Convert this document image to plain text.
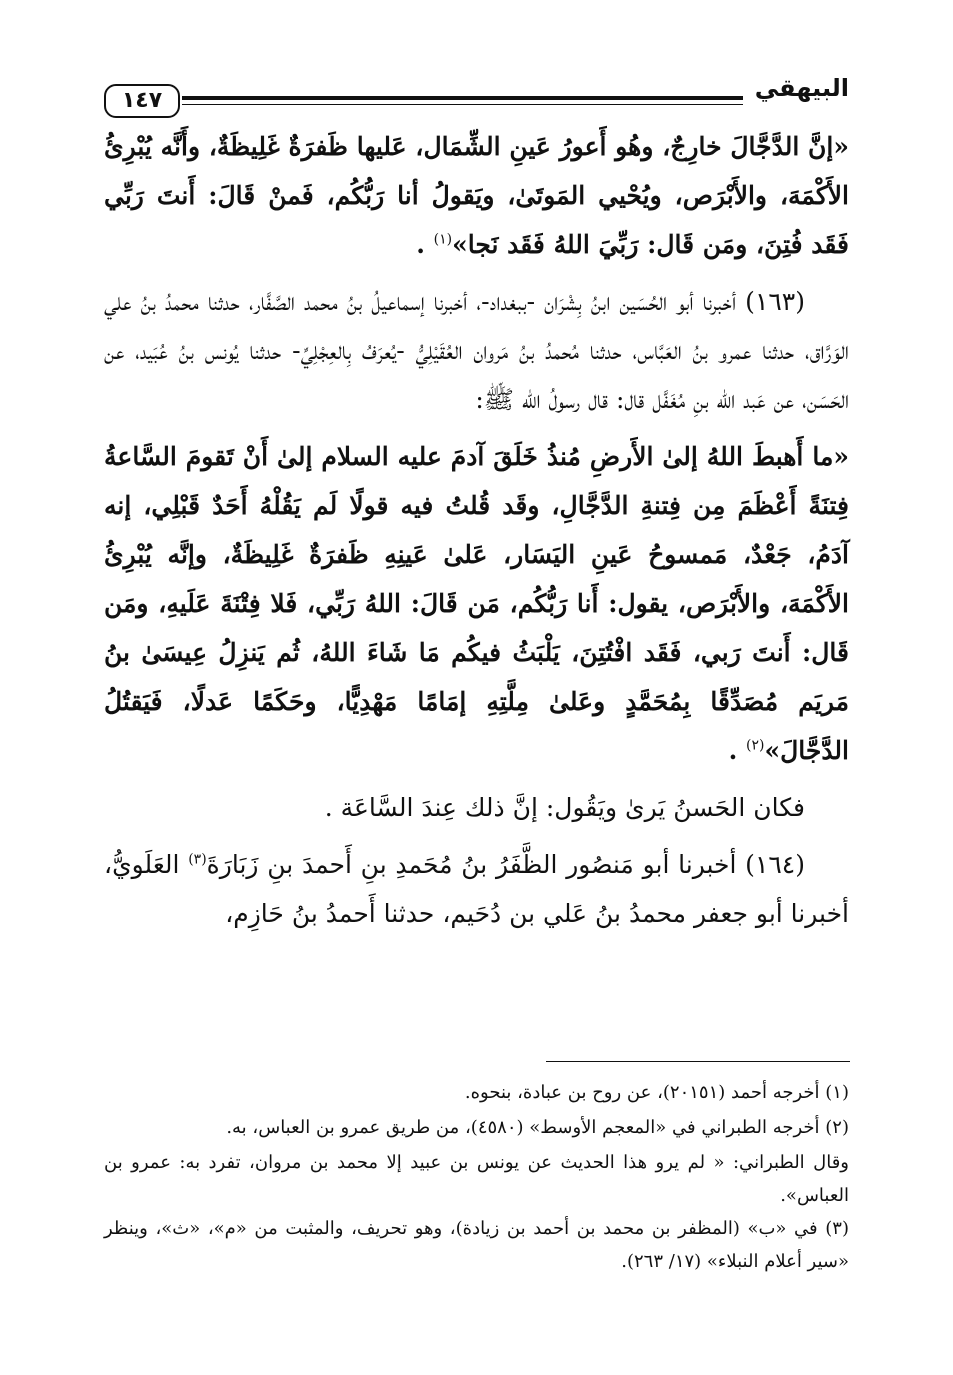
١٤٧	البيهقي

«إنَّ الدَّجَّالَ خارِجٌ، وهُو أَعورُ عَينِ الشِّمَال، عَليها ظَفرَةٌ غَلِيظَةٌ، وأَنَّه يُبْرِئُ الأَكْمَهَ، والأَبْرَص، ويُحْيي المَوتَىٰ، ويَقولُ أنا رَبُّكُم، فَمنْ قَالَ: أَنتَ رَبِّي فَقَد فُتِنَ، ومَن قَال: رَبِّيَ اللهُ فَقَد نَجا»$^{(١)}$ .

(١٦٣) أخبرنا أبو الحُسَين ابنُ بِشْرَان -ببغداد-، أخبرنا إسماعيلُ بنُ محمد الصَّفَّار، حدثنا محمدُ بنُ علي الوَرَّاق، حدثنا عمرو بنُ العَبَّاس، حدثنا مُحمدُ بنُ مَروان العُقَيْلِيُّ -يُعرَفُ بِالعِجْلِيِّ- حدثنا يُونس بنُ عُبَيد، عن الحَسَن، عن عَبد الله بنِ مُغَفَّل قال: قال رسولُ الله ﷺ:

«ما أَهبطَ اللهُ إلىٰ الأَرضِ مُنذُ خَلَقَ آدمَ عليه السلام إلىٰ أَنْ تَقومَ السَّاعةُ فِتنَةً أَعْظَمَ مِن فِتنةِ الدَّجَّالِ، وقَد قُلتُ فيه قولًا لَم يَقُلْهُ أَحَدٌ قَبْلِي، إنه آدَمُ، جَعْدٌ، مَمسوحُ عَينِ اليَسَار، عَلىٰ عَينِهِ ظَفرَةٌ غَلِيظَةٌ، وإنَّه يُبْرِئُ الأَكْمَهَ، والأَبْرَص، يقول: أَنا رَبُّكُم، مَن قَالَ: اللهُ رَبِّي، فَلا فِتْنَةَ عَلَيهِ، ومَن قَال: أَنتَ رَبي، فَقَد افْتُتِنَ، يَلْبَثُ فيكُم مَا شَاءَ اللهُ، ثُم يَنزِلُ عِيسَىٰ بنُ مَريَم مُصَدِّقًا بِمُحَمَّدٍ وعَلىٰ مِلَّتِهِ إمَامًا مَهْدِيًّا، وحَكَمًا عَدلًا، فَيَقتُلُ الدَّجَّالَ»$^{(٢)}$ .

فكان الحَسنُ يَرىٰ ويَقُول: إنَّ ذلك عِندَ السَّاعَة .

(١٦٤) أخبرنا أبو مَنصُور الظَّفَرُ بنُ مُحَمدِ بنِ أَحمدَ بنِ زَبَارَةَ$^{(٣)}$ العَلَويُّ، أخبرنا أبو جعفر محمدُ بنُ عَلي بن دُحَيم، حدثنا أَحمدُ بنُ حَازِم،

(١) أخرجه أحمد (٢٠١٥١)، عن روح بن عبادة، بنحوه.

(٢) أخرجه الطبراني في «المعجم الأوسط» (٤٥٨٠)، من طريق عمرو بن العباس، به.

وقال الطبراني: « لم يرو هذا الحديث عن يونس بن عبيد إلا محمد بن مروان، تفرد به: عمرو بن العباس».

(٣) في «ب» (المظفر بن محمد بن أحمد بن زيادة)، وهو تحريف، والمثبت من «م»، «ث»، وينظر «سير أعلام النبلاء» (١٧/ ٢٦٣).
